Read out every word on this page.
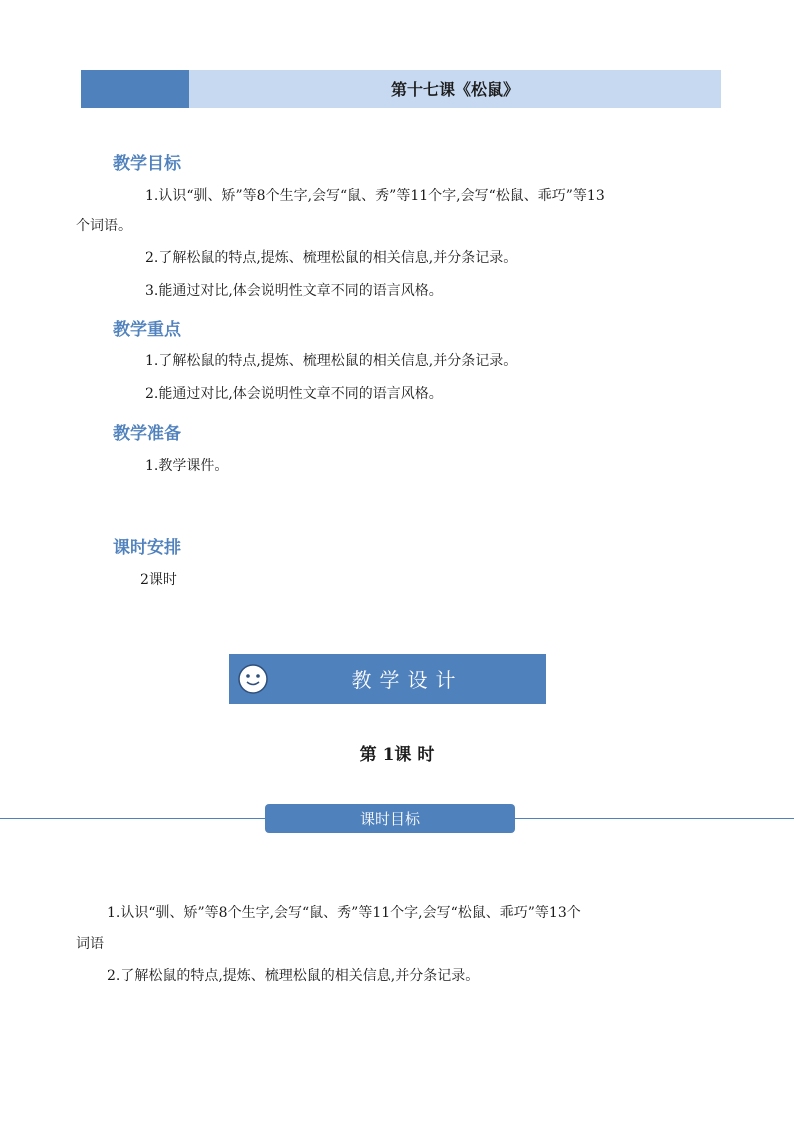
第十七课《松鼠》
教学目标
1.认识“驯、矫”等8个生字,会写“鼠、秀”等11个字,会写“松鼠、乖巧”等13
个词语。
2.了解松鼠的特点,提炼、梳理松鼠的相关信息,并分条记录。
3.能通过对比,体会说明性文章不同的语言风格。
教学重点
1.了解松鼠的特点,提炼、梳理松鼠的相关信息,并分条记录。
2.能通过对比,体会说明性文章不同的语言风格。
教学准备
1.教学课件。
课时安排
2课时
教学设计
第 1课 时
课时目标
1.认识“驯、矫”等8个生字,会写“鼠、秀”等11个字,会写“松鼠、乖巧”等13个
词语
2.了解松鼠的特点,提炼、梳理松鼠的相关信息,并分条记录。
